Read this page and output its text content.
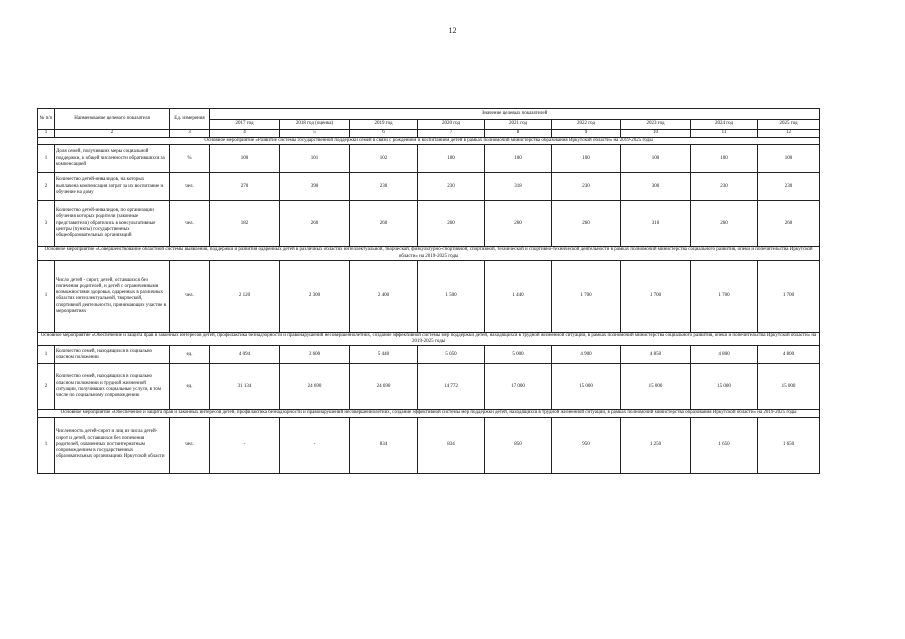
12
№ п/п	Наименование целевого показателя	Ед. измерения	Значение целевых показателей								
			2017 год	2018 год (оценка)	2019 год	2020 год	2021 год	2022 год	2023 год	2024 год	2025 год
1	2	3	4	5	6	7	8	9	10	11	12
Основное мероприятие «Развитие системы государственной поддержки семей в связи с рождением и воспитанием детей в рамках полномочий министерства образования Иркутской области» на 2019-2025 годы											
1	Доля семей, получивших меры социальной поддержки, к общей численности обратившихся за компенсацией	%	100	101	102	100	100	100	100	100	100
2	Количество детей-инвалидов, на которых выплачена компенсация затрат за их воспитание и обучение на дому	чел.	270	390	230	230	318	230	300	230	230
3	Количество детей-инвалидов, по организации обучения которых родители (законные представители) обратились в консультативные центры (пункты) государственных общеобразовательных организаций	чел.	182	260	260	260	260	260	310	260	260
Основное мероприятие «Совершенствование областной системы выявления, поддержки и развития одаренных детей в различных областях интеллектуальной, творческой, физкультурно-спортивной, спортивной, технической и спортивно-технической деятельности в рамках полномочий министерства социального развития, опеки и попечительства Иркутской области» на 2019-2025 годы											
1	Число детей - сирот, детей, оставшихся без попечения родителей, и детей с ограниченными возможностями здоровья, одаренных в различных областях интеллектуальной, творческой, спортивной деятельности, принимающих участие в мероприятиях	чел.	2 120	2 300	2 400	1 500	1 440	1 700	1 700	1 700	1 700
Основное мероприятие «Обеспечение и защита прав и законных интересов детей, профилактика безнадзорности и правонарушений несовершеннолетних, создание эффективной системы мер поддержки детей, находящихся в трудной жизненной ситуации, в рамках полномочий министерства социального развития, опеки и попечительства Иркутской области» на 2019-2025 годы											
1	Количество семей, находящихся в социально опасном положении	ед.	4 094	3 600	5 440	5 050	5 000	4 900	4 850	4 800	4 800
2	Количество семей, находящихся в социально опасном положении и трудной жизненной ситуации, получивших социальные услуги, в том числе по социальному сопровождению	ед.	31 134	24 690	24 690	14 772	17 000	15 000	15 000	15 000	15 000
Основное мероприятие «Обеспечение и защита прав и законных интересов детей, профилактика безнадзорности и правонарушений несовершеннолетних, создание эффективной системы мер поддержки детей, находящихся в трудной жизненной ситуации, в рамках полномочий министерства образования Иркутской области» на 2019-2025 годы											
1	Численность детей-сирот и лиц из числа детей-сирот и детей, оставшихся без попечения родителей, охваченных постинтернатным сопровождением в государственных образовательных организациях Иркутской области	чел.	-	-	834	834	850	950	1 250	1 650	1 650
